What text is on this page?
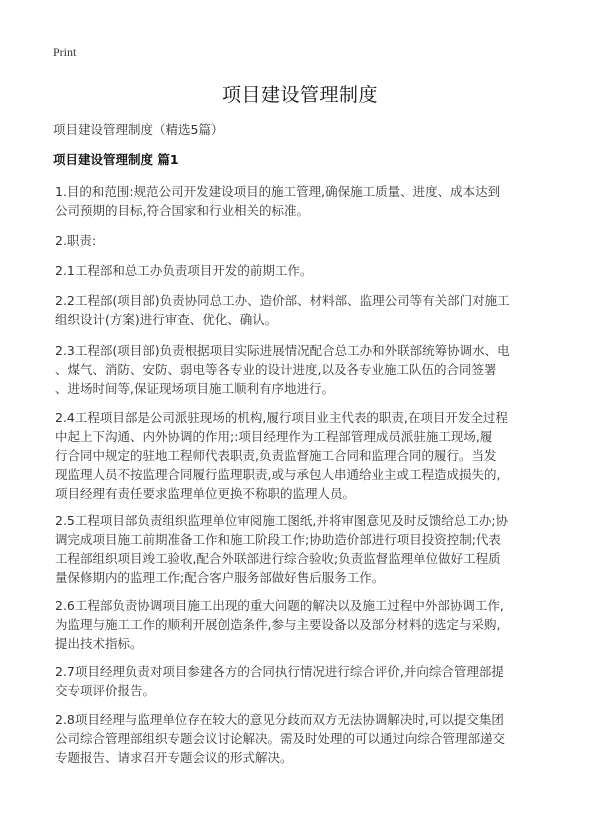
Print
项目建设管理制度
项目建设管理制度（精选5篇）
项目建设管理制度 篇1
1.目的和范围:规范公司开发建设项目的施工管理,确保施工质量、进度、成本达到
公司预期的目标,符合国家和行业相关的标准。
2.职责:
2.1工程部和总工办负责项目开发的前期工作。
2.2工程部(项目部)负责协同总工办、造价部、材料部、监理公司等有关部门对施工
组织设计(方案)进行审查、优化、确认。
2.3工程部(项目部)负责根据项目实际进展情况配合总工办和外联部统筹协调水、电
、煤气、消防、安防、弱电等各专业的设计进度,以及各专业施工队伍的合同签署
、进场时间等,保证现场项目施工顺利有序地进行。
2.4工程项目部是公司派驻现场的机构,履行项目业主代表的职责,在项目开发全过程
中起上下沟通、内外协调的作用;:项目经理作为工程部管理成员派驻施工现场,履
行合同中规定的驻地工程师代表职责,负责监督施工合同和监理合同的履行。当发
现监理人员不按监理合同履行监理职责,或与承包人串通给业主或工程造成损失的,
项目经理有责任要求监理单位更换不称职的监理人员。
2.5工程项目部负责组织监理单位审阅施工图纸,并将审图意见及时反馈给总工办;协
调完成项目施工前期准备工作和施工阶段工作;协助造价部进行项目投资控制;代表
工程部组织项目竣工验收,配合外联部进行综合验收;负责监督监理单位做好工程质
量保修期内的监理工作;配合客户服务部做好售后服务工作。
2.6工程部负责协调项目施工出现的重大问题的解决以及施工过程中外部协调工作,
为监理与施工工作的顺利开展创造条件,参与主要设备以及部分材料的选定与采购,
提出技术指标。
2.7项目经理负责对项目参建各方的合同执行情况进行综合评价,并向综合管理部提
交专项评价报告。
2.8项目经理与监理单位存在较大的意见分歧而双方无法协调解决时,可以提交集团
公司综合管理部组织专题会议讨论解决。需及时处理的可以通过向综合管理部递交
专题报告、请求召开专题会议的形式解决。
